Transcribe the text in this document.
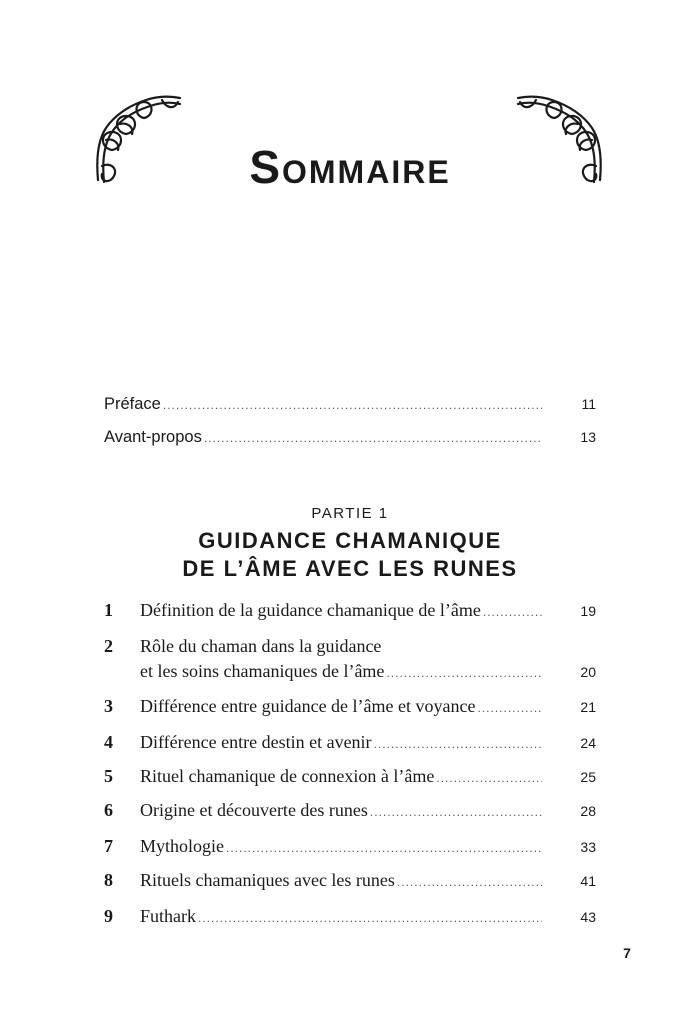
Sommaire
Préface .....	11
Avant-propos .....	13
PARTIE 1
GUIDANCE CHAMANIQUE
DE L’ÂME AVEC LES RUNES
1	Définition de la guidance chamanique de l’âme .....	19
2	Rôle du chaman dans la guidance
et les soins chamaniques de l’âme .....	20
3	Différence entre guidance de l’âme et voyance .....	21
4	Différence entre destin et avenir .....	24
5	Rituel chamanique de connexion à l’âme .....	25
6	Origine et découverte des runes .....	28
7	Mythologie .....	33
8	Rituels chamaniques avec les runes .....	41
9	Futhark .....	43
7
